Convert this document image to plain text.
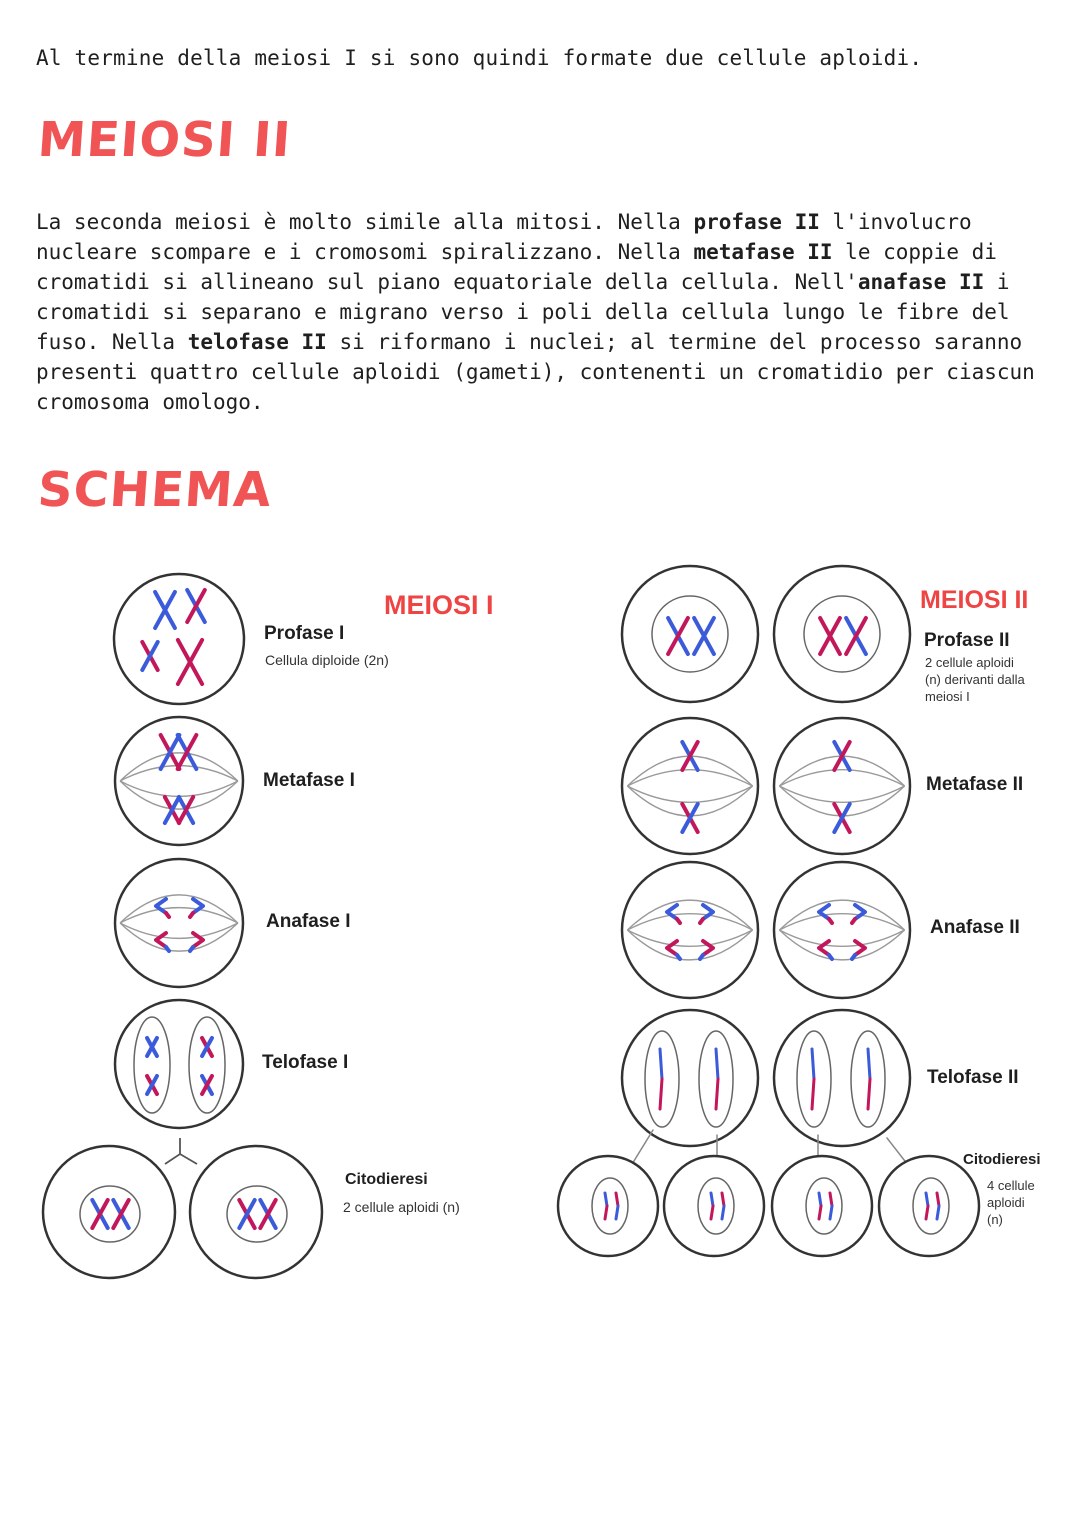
Al termine della meiosi I si sono quindi formate due cellule aploidi.
MEIOSI II

La seconda meiosi è molto simile alla mitosi. Nella profase II l'involucro nucleare scompare e i cromosomi spiralizzano. Nella metafase II le coppie di cromatidi si allineano sul piano equatoriale della cellula. Nell'anafase II i cromatidi si separano e migrano verso i poli della cellula lungo le fibre del fuso. Nella telofase II si riformano i nuclei; al termine del processo saranno presenti quattro cellule aploidi (gameti), contenenti un cromatidio per ciascun cromosoma omologo.

SCHEMA
MEIOSI I
Profase I
Cellula diploide (2n)
Metafase I
Anafase I
Telofase I
Citodieresi
2 cellule aploidi (n)
MEIOSI II
Profase II
2 cellule aploidi
(n) derivanti dalla
meiosi I
Metafase II
Anafase II
Telofase II
Citodieresi
4 cellule
aploidi
(n)
